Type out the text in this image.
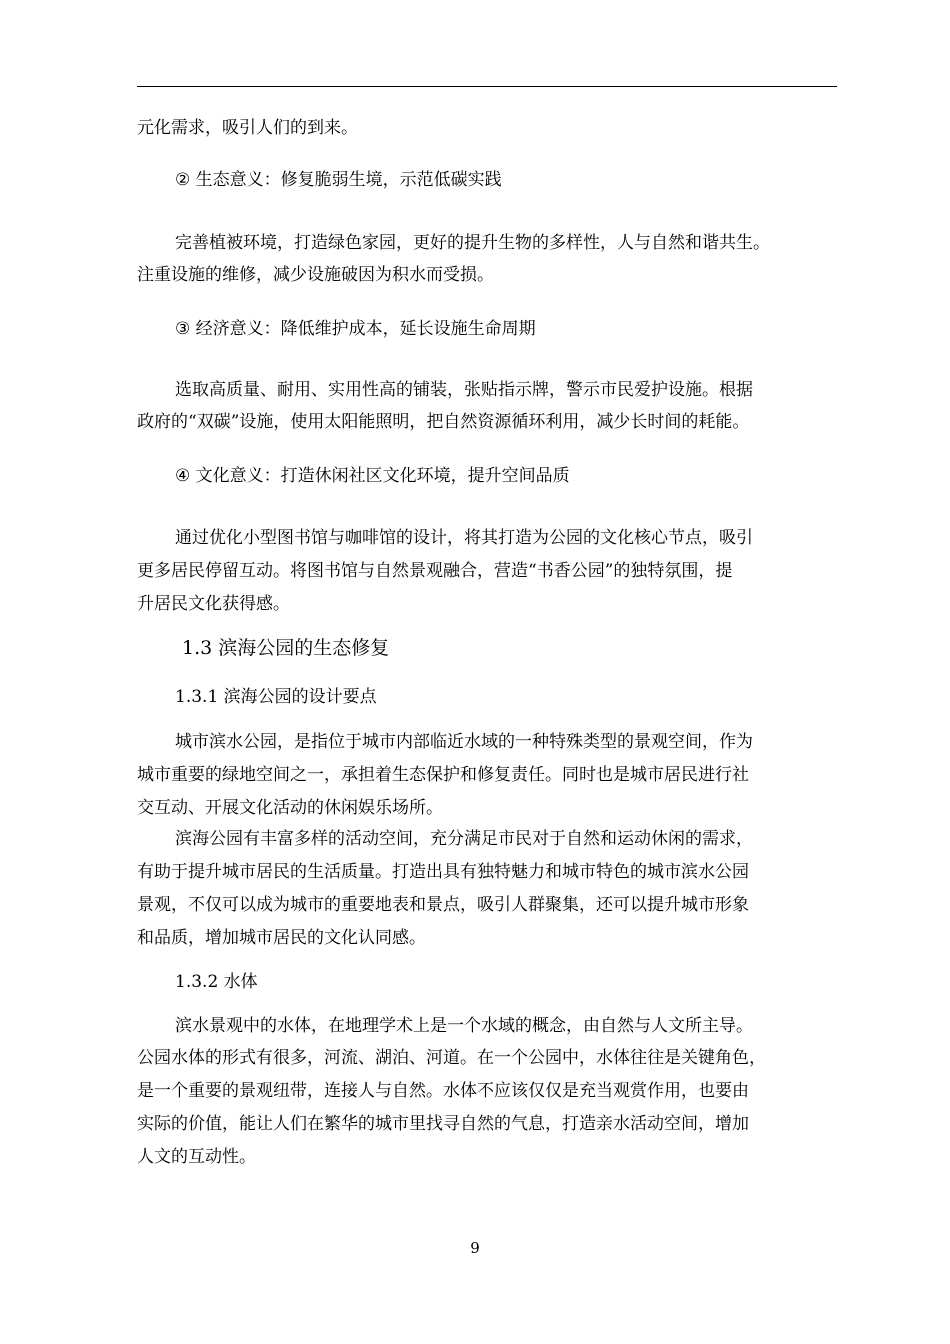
元化需求，吸引人们的到来。
② 生态意义：修复脆弱生境，示范低碳实践
完善植被环境，打造绿色家园，更好的提升生物的多样性，人与自然和谐共生。
注重设施的维修，减少设施破因为积水而受损。
③ 经济意义：降低维护成本，延长设施生命周期
选取高质量、耐用、实用性高的铺装，张贴指示牌，警示市民爱护设施。根据
政府的“双碳”设施，使用太阳能照明，把自然资源循环利用，减少长时间的耗能。
④ 文化意义：打造休闲社区文化环境，提升空间品质
通过优化小型图书馆与咖啡馆的设计，将其打造为公园的文化核心节点，吸引
更多居民停留互动。将图书馆与自然景观融合，营造“书香公园”的独特氛围，提
升居民文化获得感。
1.3 滨海公园的生态修复
1.3.1 滨海公园的设计要点
城市滨水公园，是指位于城市内部临近水域的一种特殊类型的景观空间，作为
城市重要的绿地空间之一，承担着生态保护和修复责任。同时也是城市居民进行社
交互动、开展文化活动的休闲娱乐场所。
滨海公园有丰富多样的活动空间，充分满足市民对于自然和运动休闲的需求，
有助于提升城市居民的生活质量。打造出具有独特魅力和城市特色的城市滨水公园
景观，不仅可以成为城市的重要地表和景点，吸引人群聚集，还可以提升城市形象
和品质，增加城市居民的文化认同感。
1.3.2 水体
滨水景观中的水体，在地理学术上是一个水域的概念，由自然与人文所主导。
公园水体的形式有很多，河流、湖泊、河道。在一个公园中，水体往往是关键角色，
是一个重要的景观纽带，连接人与自然。水体不应该仅仅是充当观赏作用，也要由
实际的价值，能让人们在繁华的城市里找寻自然的气息，打造亲水活动空间，增加
人文的互动性。
9
